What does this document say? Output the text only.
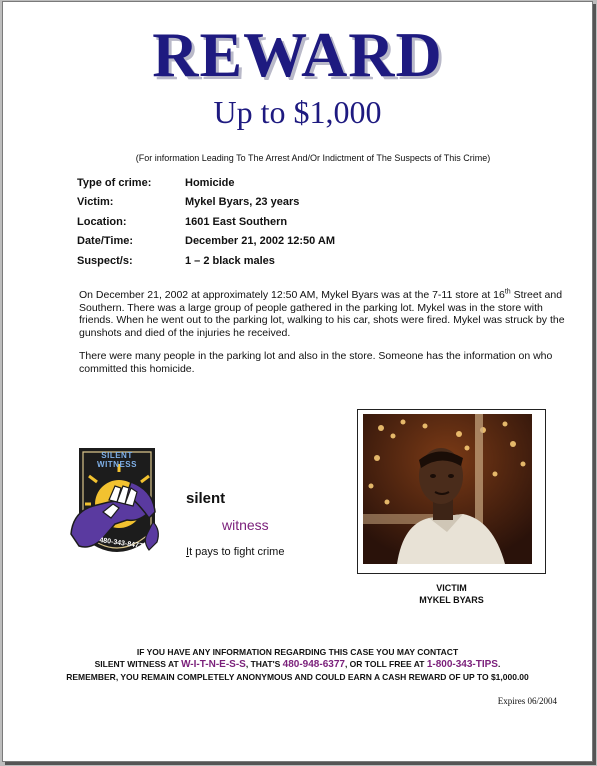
REWARD
Up to $1,000
(For information Leading To The Arrest And/Or Indictment of The Suspects of This Crime)
Type of crime:	Homicide
Victim:	Mykel Byars, 23 years
Location:	1601 East Southern
Date/Time:	December 21, 2002 12:50 AM
Suspect/s:	1 – 2 black males
On December 21, 2002 at approximately 12:50 AM, Mykel Byars was at the 7-11 store at 16th Street and Southern. There was a large group of people gathered in the parking lot. Mykel was in the store with friends. When he went out to the parking lot, walking to his car, shots were fired. Mykel was struck by the gunshots and died of the injuries he received.
There were many people in the parking lot and also in the store. Someone has the information on who committed this homicide.
SILENT WITNESS
480-343-8477
silent
witness
It pays to fight crime
VICTIM
MYKEL BYARS
IF YOU HAVE ANY INFORMATION REGARDING THIS CASE YOU MAY CONTACT
SILENT WITNESS AT W-I-T-N-E-S-S, THAT'S 480-948-6377, OR TOLL FREE AT 1-800-343-TIPS.
REMEMBER, YOU REMAIN COMPLETELY ANONYMOUS AND COULD EARN A CASH REWARD OF UP TO $1,000.00
Expires 06/2004
